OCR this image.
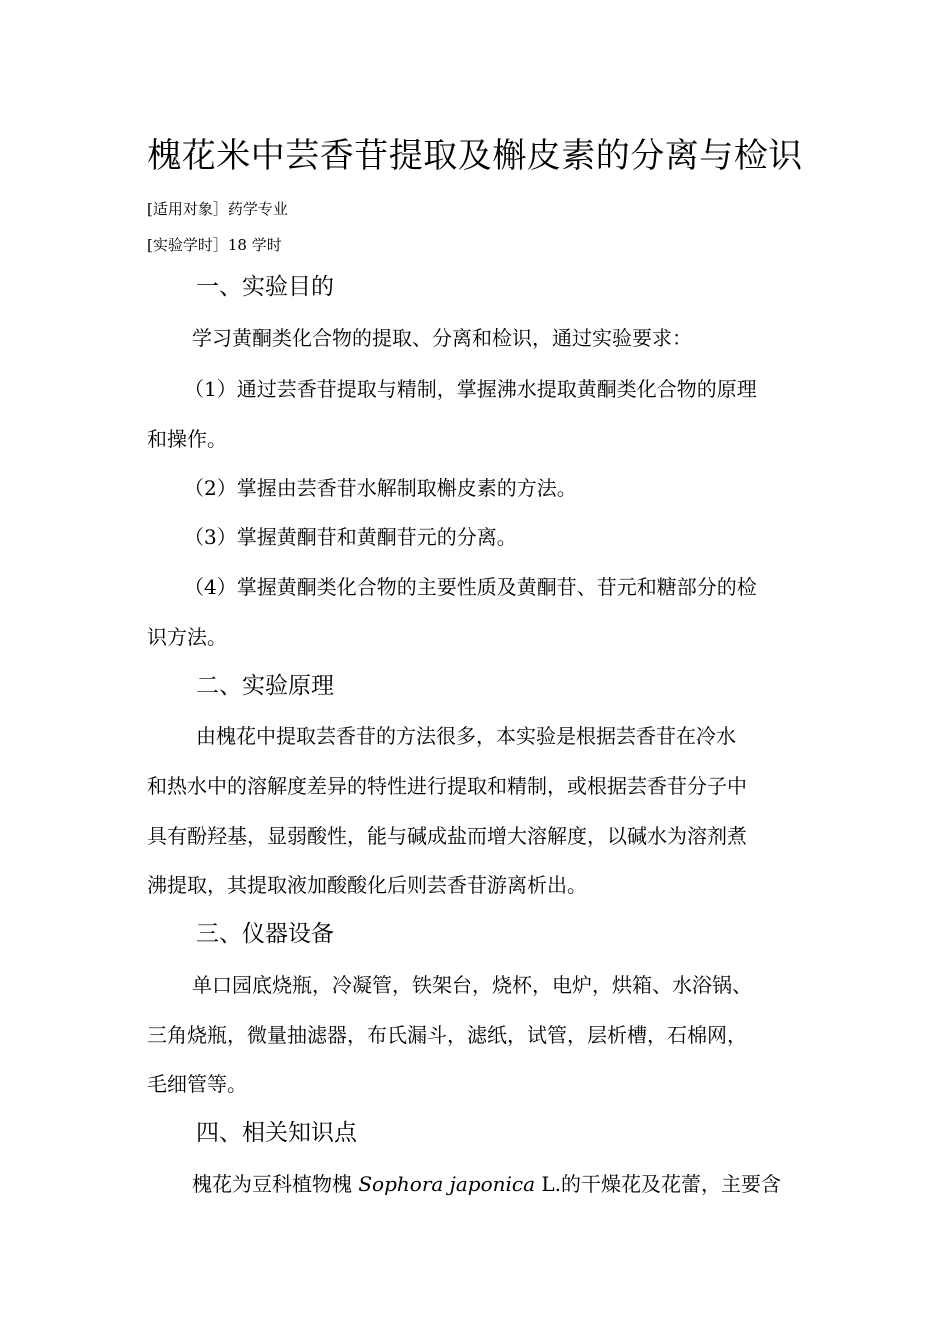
槐花米中芸香苷提取及槲皮素的分离与检识
[适用对象］药学专业
[实验学时］18 学时
一、实验目的
学习黄酮类化合物的提取、分离和检识，通过实验要求：
（1）通过芸香苷提取与精制，掌握沸水提取黄酮类化合物的原理
和操作。
（2）掌握由芸香苷水解制取槲皮素的方法。
（3）掌握黄酮苷和黄酮苷元的分离。
（4）掌握黄酮类化合物的主要性质及黄酮苷、苷元和糖部分的检
识方法。
二、实验原理
由槐花中提取芸香苷的方法很多，本实验是根据芸香苷在冷水
和热水中的溶解度差异的特性进行提取和精制，或根据芸香苷分子中
具有酚羟基，显弱酸性，能与碱成盐而增大溶解度，以碱水为溶剂煮
沸提取，其提取液加酸酸化后则芸香苷游离析出。
三、仪器设备
单口园底烧瓶，冷凝管，铁架台，烧杯，电炉，烘箱、水浴锅、
三角烧瓶，微量抽滤器，布氏漏斗，滤纸，试管，层析槽，石棉网，
毛细管等。
四、相关知识点
槐花为豆科植物槐 Sophora japonica L.的干燥花及花蕾，主要含
